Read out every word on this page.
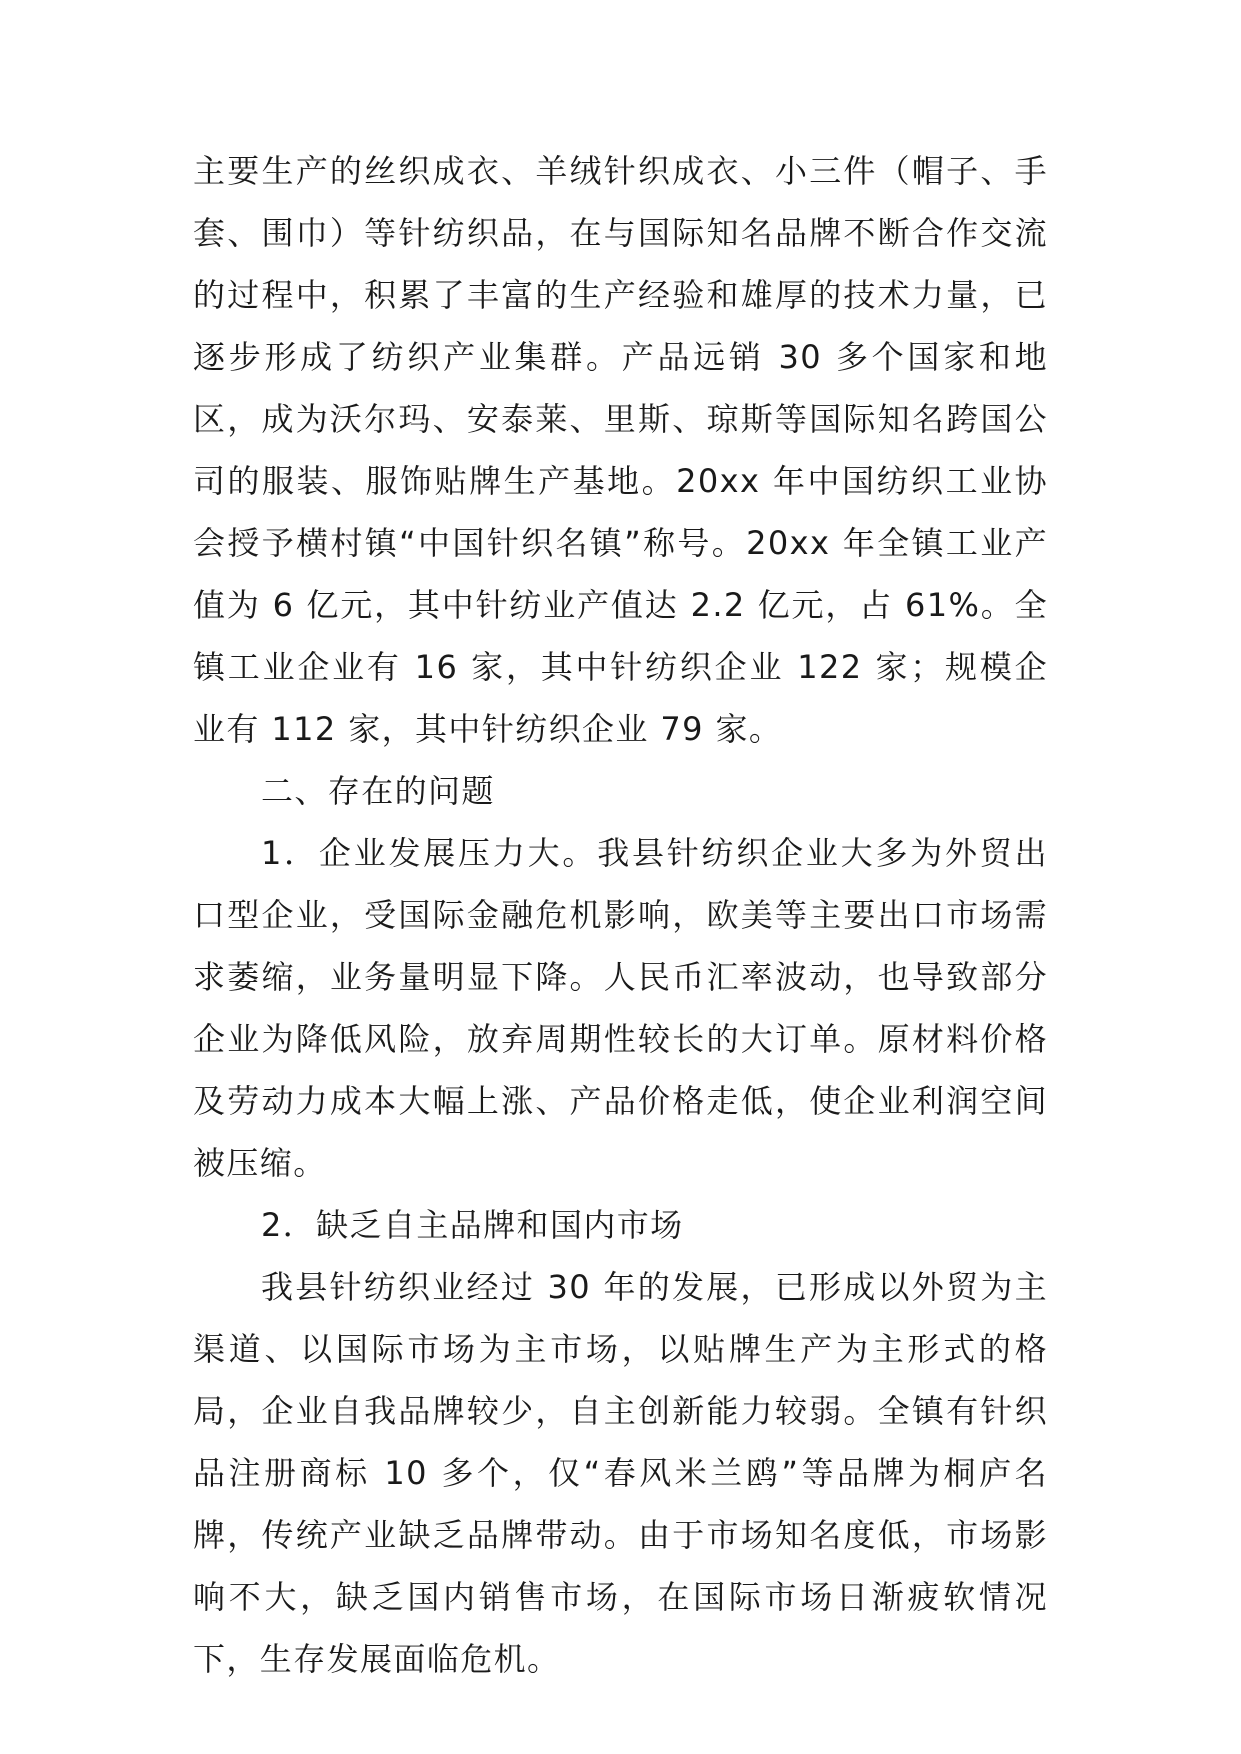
主要生产的丝织成衣、羊绒针织成衣、小三件（帽子、手套、围巾）等针纺织品，在与国际知名品牌不断合作交流的过程中，积累了丰富的生产经验和雄厚的技术力量，已逐步形成了纺织产业集群。产品远销 30 多个国家和地区，成为沃尔玛、安泰莱、里斯、琼斯等国际知名跨国公司的服装、服饰贴牌生产基地。20xx 年中国纺织工业协会授予横村镇“中国针织名镇”称号。20xx 年全镇工业产值为 6 亿元，其中针纺业产值达 2.2 亿元，占 61%。全镇工业企业有 16 家，其中针纺织企业 122 家；规模企业有 112 家，其中针纺织企业 79 家。

二、存在的问题

1．企业发展压力大。我县针纺织企业大多为外贸出口型企业，受国际金融危机影响，欧美等主要出口市场需求萎缩，业务量明显下降。人民币汇率波动，也导致部分企业为降低风险，放弃周期性较长的大订单。原材料价格及劳动力成本大幅上涨、产品价格走低，使企业利润空间被压缩。

2．缺乏自主品牌和国内市场

我县针纺织业经过 30 年的发展，已形成以外贸为主渠道、以国际市场为主市场，以贴牌生产为主形式的格局，企业自我品牌较少，自主创新能力较弱。全镇有针织品注册商标 10 多个，仅“春风米兰鸥”等品牌为桐庐名牌，传统产业缺乏品牌带动。由于市场知名度低，市场影响不大，缺乏国内销售市场，在国际市场日渐疲软情况下，生存发展面临危机。
